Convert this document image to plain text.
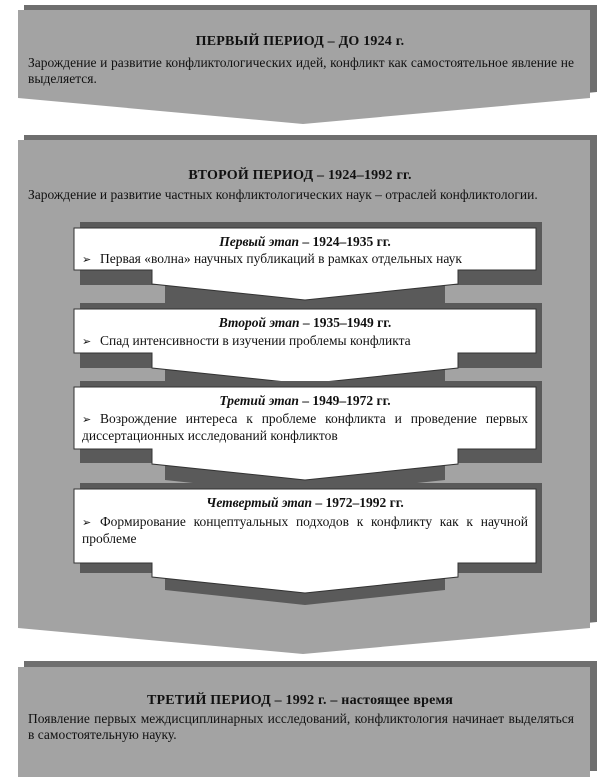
ПЕРВЫЙ ПЕРИОД – ДО 1924 г.
Зарождение и развитие конфликтологических идей, конфликт как самостоятельное явление не выделяется.
ВТОРОЙ ПЕРИОД – 1924–1992 гг.
Зарождение и развитие частных конфликтологических наук – отраслей конфликтологии.
Первый этап – 1924–1935 гг.
➢ Первая «волна» научных публикаций в рамках отдельных наук
Второй этап – 1935–1949 гг.
➢ Спад интенсивности в изучении проблемы конфликта
Третий этап – 1949–1972 гг.
➢ Возрождение интереса к проблеме конфликта и проведение первых диссертационных исследований конфликтов
Четвертый этап – 1972–1992 гг.
➢ Формирование концептуальных подходов к конфликту как к научной проблеме
ТРЕТИЙ ПЕРИОД – 1992 г. – настоящее время
Появление первых междисциплинарных исследований, конфликтология начинает выделяться в самостоятельную науку.
